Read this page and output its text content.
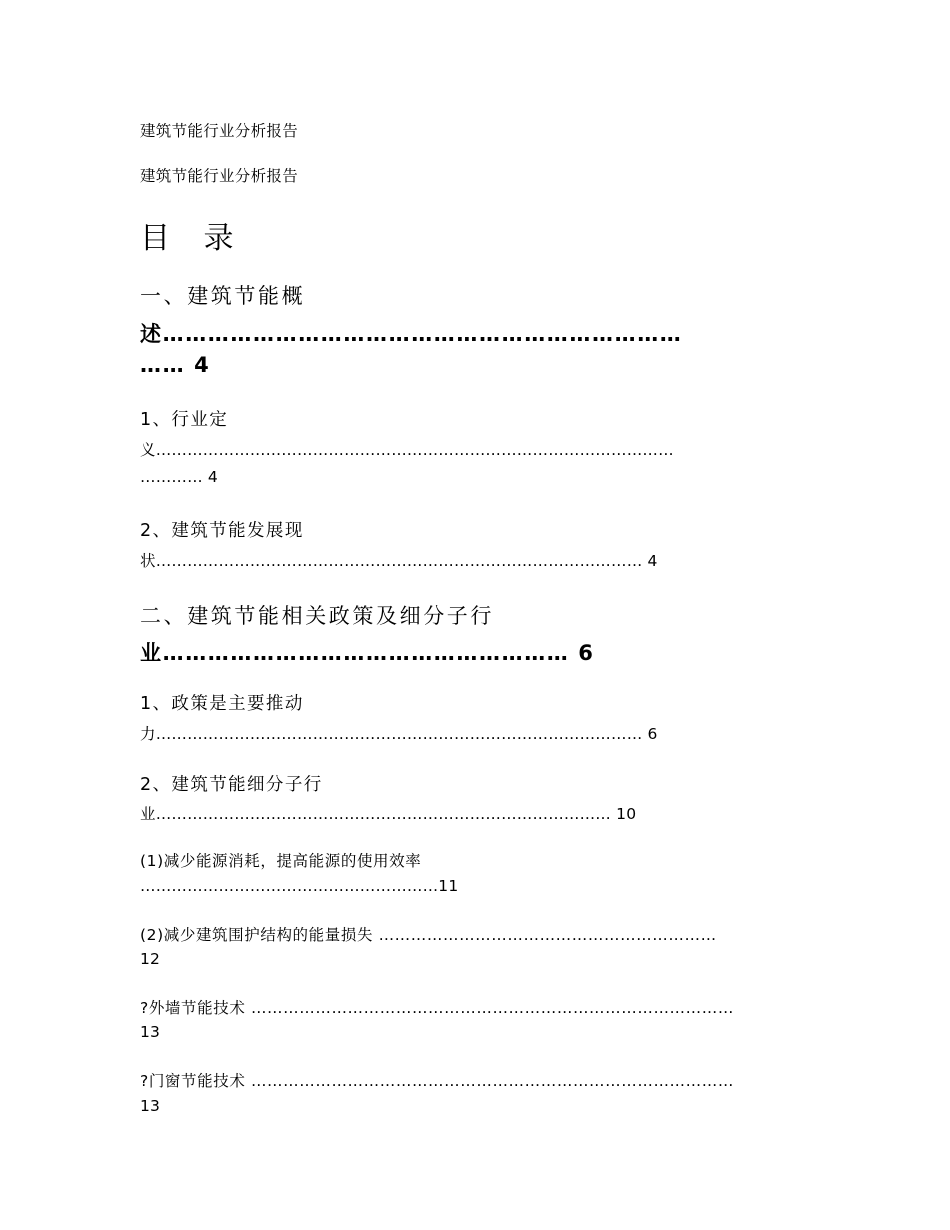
建筑节能行业分析报告
建筑节能行业分析报告
目 录
一、建筑节能概
述……………………………………………………………
…… 4
1、行业定
义………………………………………………………………………………………
………… 4
2、建筑节能发展现
状………………………………………………………………………………… 4
二、建筑节能相关政策及细分子行
业……………………………………………… 6
1、政策是主要推动
力………………………………………………………………………………… 6
2、建筑节能细分子行
业…………………………………………………………………………… 10
(1)减少能源消耗，提高能源的使用效率
…………………………………………………11
(2)减少建筑围护结构的能量损失 ………………………………………………………
12
?外墙节能技术 ………………………………………………………………………………
13
?门窗节能技术 ………………………………………………………………………………
13
